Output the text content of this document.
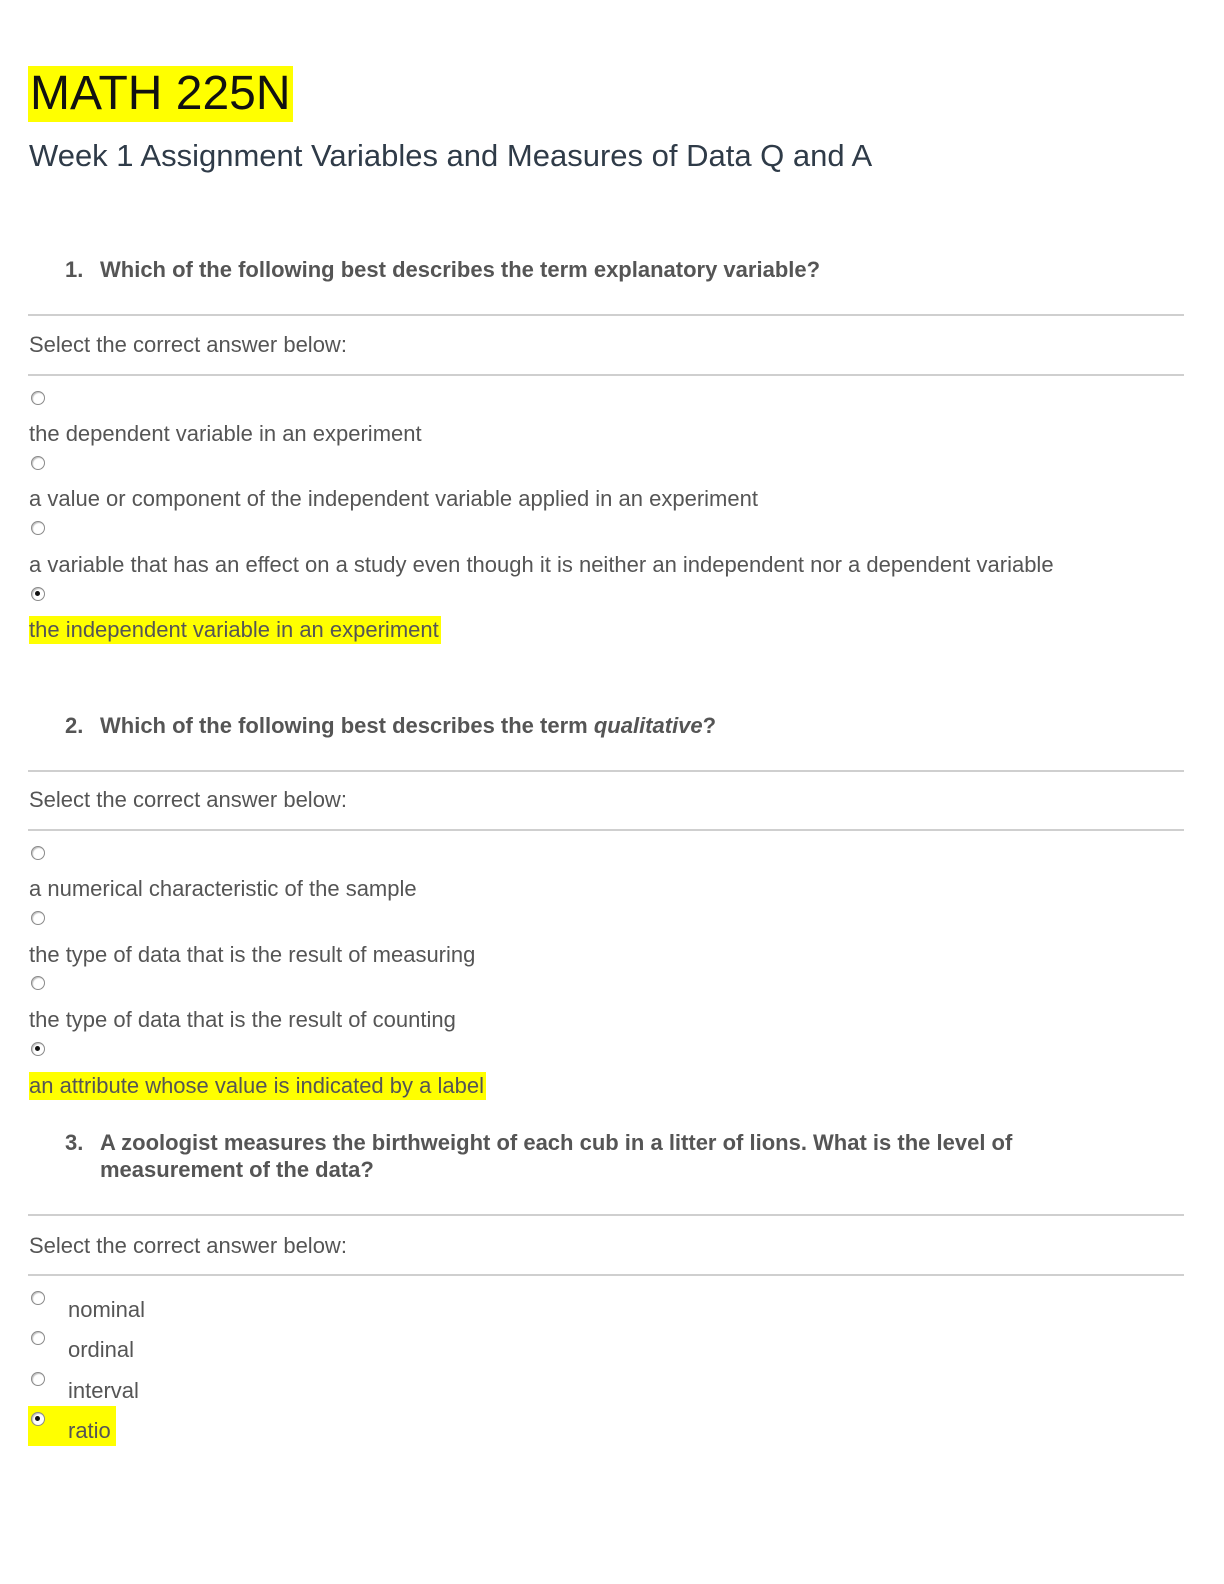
MATH 225N
Week 1 Assignment Variables and Measures of Data Q and A
1. Which of the following best describes the term explanatory variable?
Select the correct answer below:
the dependent variable in an experiment
a value or component of the independent variable applied in an experiment
a variable that has an effect on a study even though it is neither an independent nor a dependent variable
the independent variable in an experiment
2. Which of the following best describes the term qualitative?
Select the correct answer below:
a numerical characteristic of the sample
the type of data that is the result of measuring
the type of data that is the result of counting
an attribute whose value is indicated by a label
3. A zoologist measures the birthweight of each cub in a litter of lions. What is the level of measurement of the data?
Select the correct answer below:
nominal
ordinal
interval
ratio
